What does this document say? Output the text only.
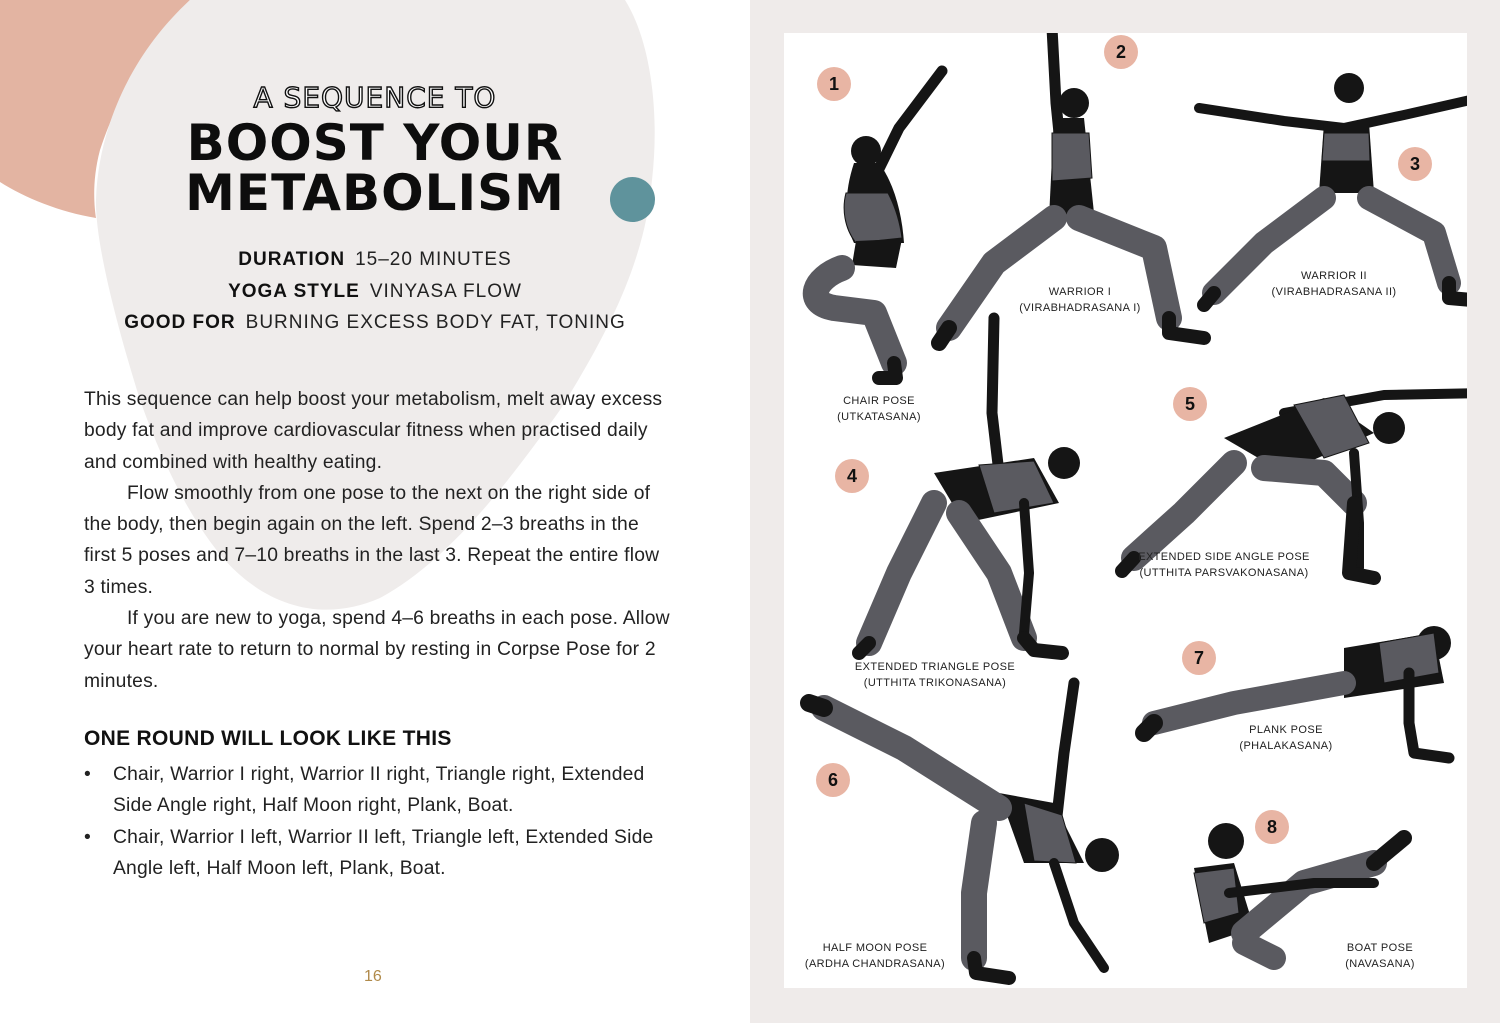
A SEQUENCE TO
BOOST YOUR
METABOLISM
DURATION 15–20 MINUTES
YOGA STYLE VINYASA FLOW
GOOD FOR BURNING EXCESS BODY FAT, TONING

This sequence can help boost your metabolism, melt away excess body fat and improve cardiovascular fitness when practised daily and combined with healthy eating.

Flow smoothly from one pose to the next on the right side of the body, then begin again on the left. Spend 2–3 breaths in the first 5 poses and 7–10 breaths in the last 3. Repeat the entire flow 3 times.

If you are new to yoga, spend 4–6 breaths in each pose. Allow your heart rate to return to normal by resting in Corpse Pose for 2 minutes.

ONE ROUND WILL LOOK LIKE THIS
• Chair, Warrior I right, Warrior II right, Triangle right, Extended Side Angle right, Half Moon right, Plank, Boat.
• Chair, Warrior I left, Warrior II left, Triangle left, Extended Side Angle left, Half Moon left, Plank, Boat.
16
1
2
3
4
5
6
7
8
CHAIR POSE
(UTKATASANA)
WARRIOR I
(VIRABHADRASANA I)
WARRIOR II
(VIRABHADRASANA II)
EXTENDED TRIANGLE POSE
(UTTHITA TRIKONASANA)
EXTENDED SIDE ANGLE POSE
(UTTHITA PARSVAKONASANA)
HALF MOON POSE
(ARDHA CHANDRASANA)
PLANK POSE
(PHALAKASANA)
BOAT POSE
(NAVASANA)
